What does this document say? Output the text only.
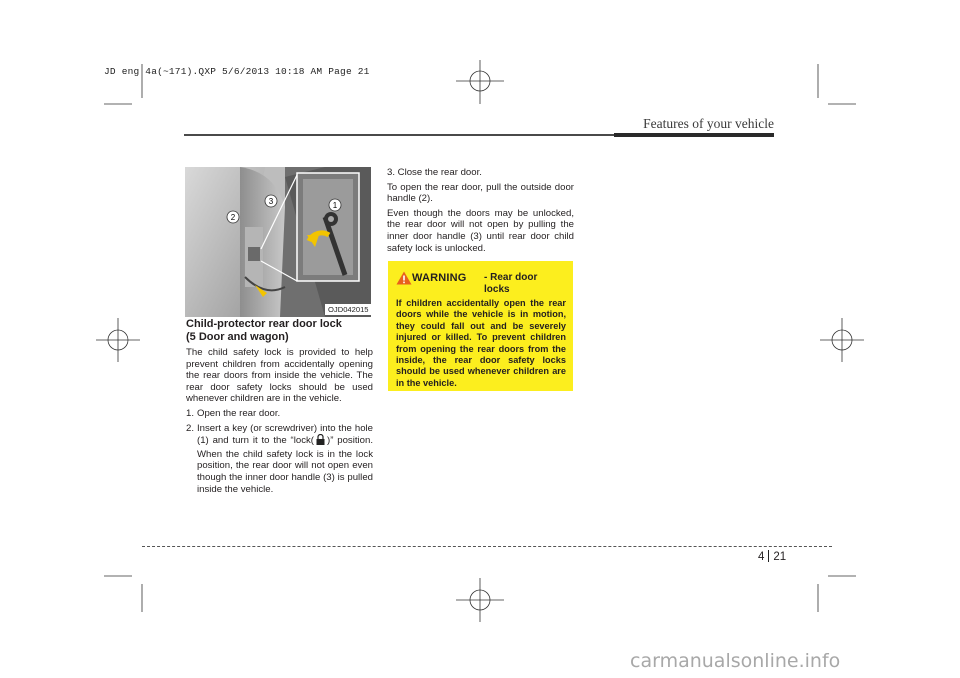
JD eng 4a(~171).QXP 5/6/2013 10:18 AM Page 21
Features of your vehicle
1
2
3
OJD042015
Child-protector rear door lock
(5 Door and wagon)

The child safety lock is provided to help prevent children from accidentally opening the rear doors from inside the vehicle. The rear door safety locks should be used whenever children are in the vehicle.

1. Open the rear door.
2. Insert a key (or screwdriver) into the hole (1) and turn it to the “lock( )” position. When the child safety lock is in the lock position, the rear door will not open even though the inner door handle (3) is pulled inside the vehicle.

3. Close the rear door.

To open the rear door, pull the outside door handle (2).

Even though the doors may be unlocked, the rear door will not open by pulling the inner door handle (3) until rear door child safety lock is unlocked.

WARNING - Rear door locks
If children accidentally open the rear doors while the vehicle is in motion, they could fall out and be severely injured or killed. To prevent children from opening the rear doors from the inside, the rear door safety locks should be used whenever children are in the vehicle.
4 21
carmanualsonline.info
